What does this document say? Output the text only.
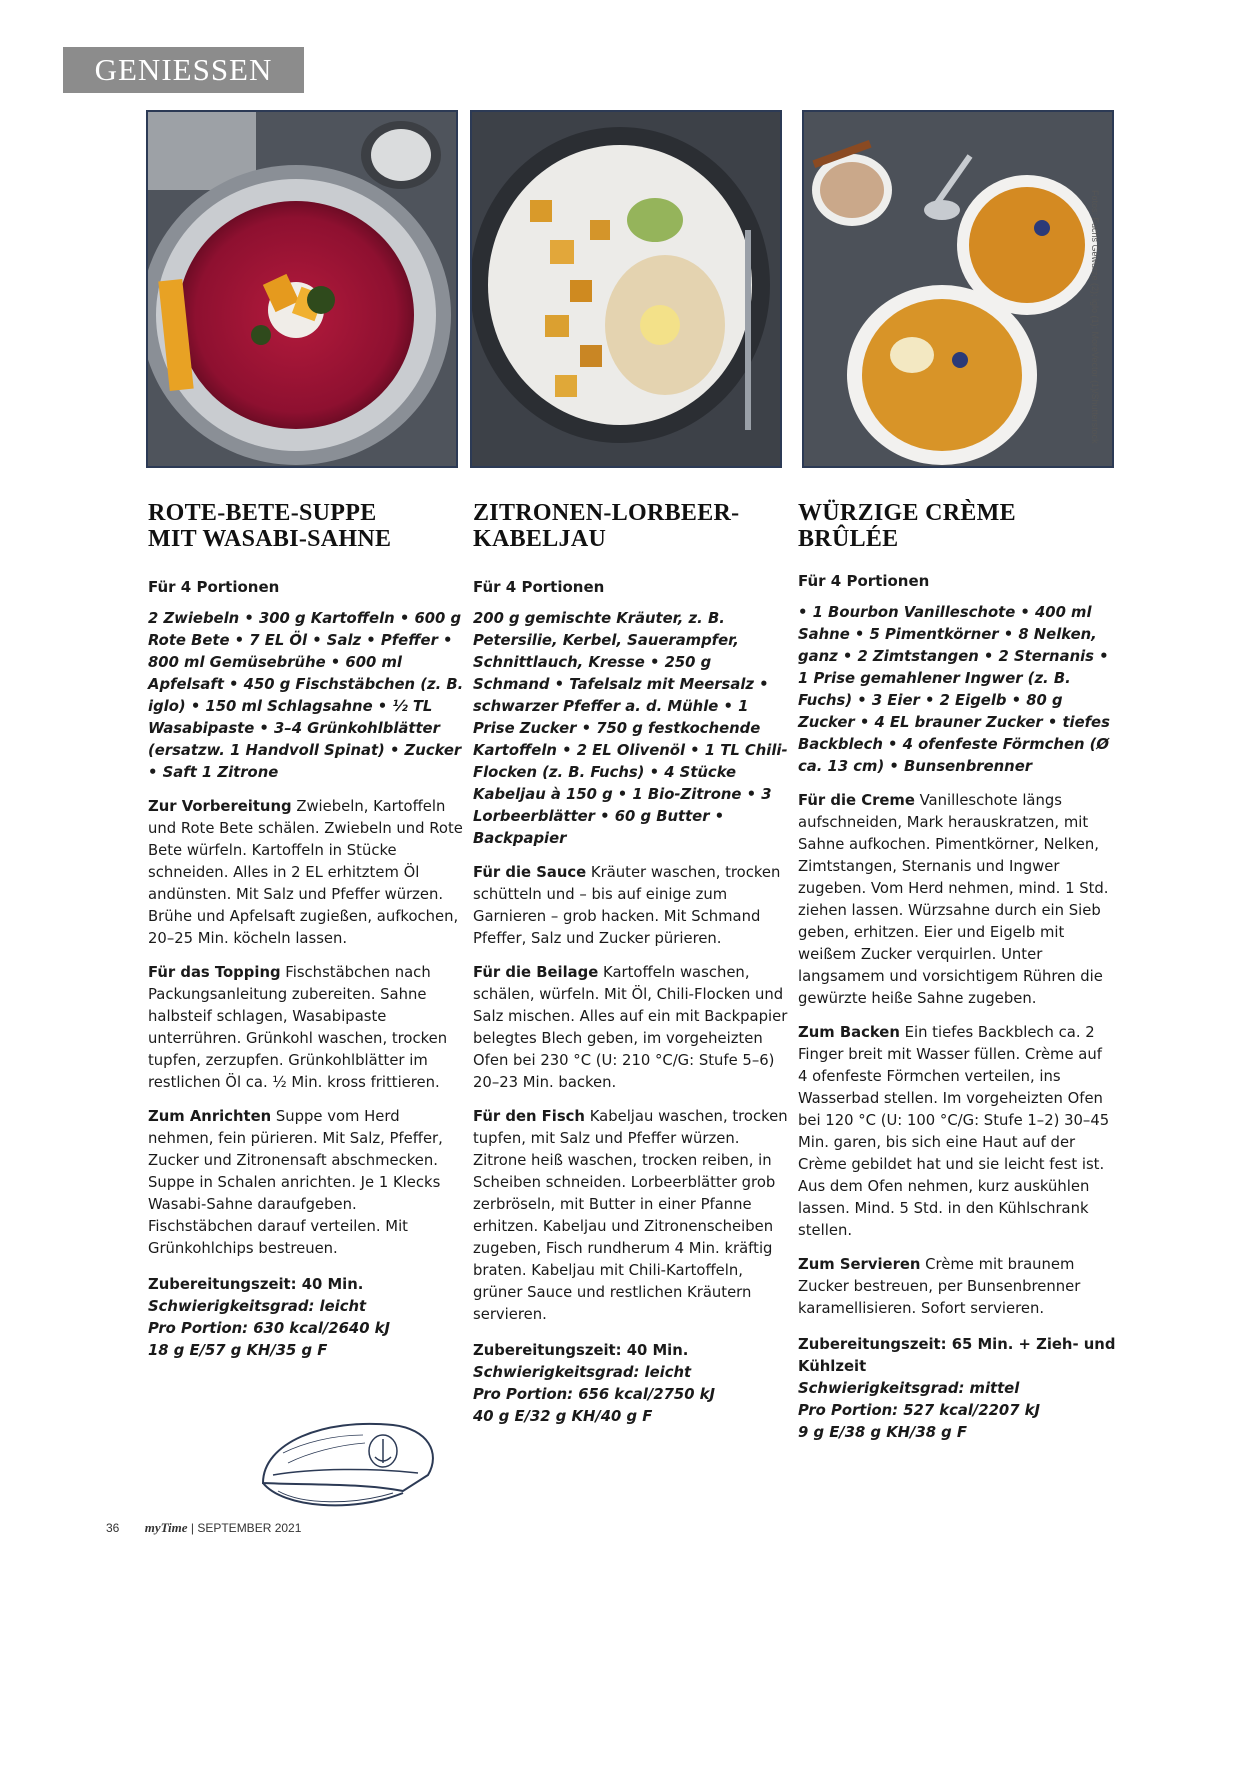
GENIESSEN
Fotos: Fuchs Gewürze (2); iglo (1); MoreVector (1)/Shutterstock
ROTE-BETE-SUPPE
MIT WASABI-SAHNE
Für 4 Portionen
2 Zwiebeln • 300 g Kartoffeln • 600 g Rote Bete • 7 EL Öl • Salz • Pfeffer • 800 ml Gemüsebrühe • 600 ml Apfelsaft • 450 g Fischstäbchen (z. B. iglo) • 150 ml Schlagsahne • ½ TL Wasabipaste • 3–4 Grünkohlblätter (ersatzw. 1 Handvoll Spinat) • Zucker • Saft 1 Zitrone
Zur Vorbereitung Zwiebeln, Kartoffeln und Rote Bete schälen. Zwiebeln und Rote Bete würfeln. Kartoffeln in Stücke schneiden. Alles in 2 EL erhitztem Öl andünsten. Mit Salz und Pfeffer würzen. Brühe und Apfelsaft zugießen, aufkochen, 20–25 Min. köcheln lassen.
Für das Topping Fischstäbchen nach Packungsanleitung zubereiten. Sahne halbsteif schlagen, Wasabipaste unterrühren. Grünkohl waschen, trocken tupfen, zerzupfen. Grünkohlblätter im restlichen Öl ca. ½ Min. kross frittieren.
Zum Anrichten Suppe vom Herd nehmen, fein pürieren. Mit Salz, Pfeffer, Zucker und Zitronensaft abschmecken. Suppe in Schalen anrichten. Je 1 Klecks Wasabi-Sahne daraufgeben. Fischstäbchen darauf verteilen. Mit Grünkohlchips bestreuen.
Zubereitungszeit: 40 Min.
Schwierigkeitsgrad: leicht
Pro Portion: 630 kcal/2640 kJ
18 g E/57 g KH/35 g F
ZITRONEN-LORBEER-
KABELJAU
Für 4 Portionen
200 g gemischte Kräuter, z. B. Petersilie, Kerbel, Sauerampfer, Schnittlauch, Kresse • 250 g Schmand • Tafelsalz mit Meersalz • schwarzer Pfeffer a. d. Mühle • 1 Prise Zucker • 750 g festkochende Kartoffeln • 2 EL Olivenöl • 1 TL Chili-Flocken (z. B. Fuchs) • 4 Stücke Kabeljau à 150 g • 1 Bio-Zitrone • 3 Lorbeerblätter • 60 g Butter • Backpapier
Für die Sauce Kräuter waschen, trocken schütteln und – bis auf einige zum Garnieren – grob hacken. Mit Schmand Pfeffer, Salz und Zucker pürieren.
Für die Beilage Kartoffeln waschen, schälen, würfeln. Mit Öl, Chili-Flocken und Salz mischen. Alles auf ein mit Backpapier belegtes Blech geben, im vorgeheizten Ofen bei 230 °C (U: 210 °C/G: Stufe 5–6) 20–23 Min. backen.
Für den Fisch Kabeljau waschen, trocken tupfen, mit Salz und Pfeffer würzen. Zitrone heiß waschen, trocken reiben, in Scheiben schneiden. Lorbeerblätter grob zerbröseln, mit Butter in einer Pfanne erhitzen. Kabeljau und Zitronenscheiben zugeben, Fisch rundherum 4 Min. kräftig braten. Kabeljau mit Chili-Kartoffeln, grüner Sauce und restlichen Kräutern servieren.
Zubereitungszeit: 40 Min.
Schwierigkeitsgrad: leicht
Pro Portion: 656 kcal/2750 kJ
40 g E/32 g KH/40 g F
WÜRZIGE CRÈME BRÛLÉE
Für 4 Portionen
• 1 Bourbon Vanilleschote • 400 ml Sahne • 5 Pimentkörner • 8 Nelken, ganz • 2 Zimtstangen • 2 Sternanis • 1 Prise gemahlener Ingwer (z. B. Fuchs) • 3 Eier • 2 Eigelb • 80 g Zucker • 4 EL brauner Zucker • tiefes Backblech • 4 ofenfeste Förmchen (Ø ca. 13 cm) • Bunsenbrenner
Für die Creme Vanilleschote längs aufschneiden, Mark herauskratzen, mit Sahne aufkochen. Pimentkörner, Nelken, Zimtstangen, Sternanis und Ingwer zugeben. Vom Herd nehmen, mind. 1 Std. ziehen lassen. Würzsahne durch ein Sieb geben, erhitzen. Eier und Eigelb mit weißem Zucker verquirlen. Unter langsamem und vorsichtigem Rühren die gewürzte heiße Sahne zugeben.
Zum Backen Ein tiefes Backblech ca. 2 Finger breit mit Wasser füllen. Crème auf 4 ofenfeste Förmchen verteilen, ins Wasserbad stellen. Im vorgeheizten Ofen bei 120 °C (U: 100 °C/G: Stufe 1–2) 30–45 Min. garen, bis sich eine Haut auf der Crème gebildet hat und sie leicht fest ist. Aus dem Ofen nehmen, kurz auskühlen lassen. Mind. 5 Std. in den Kühlschrank stellen.
Zum Servieren Crème mit braunem Zucker bestreuen, per Bunsenbrenner karamellisieren. Sofort servieren.
Zubereitungszeit: 65 Min. + Zieh- und Kühlzeit
Schwierigkeitsgrad: mittel
Pro Portion: 527 kcal/2207 kJ
9 g E/38 g KH/38 g F
36 myTime | SEPTEMBER 2021
